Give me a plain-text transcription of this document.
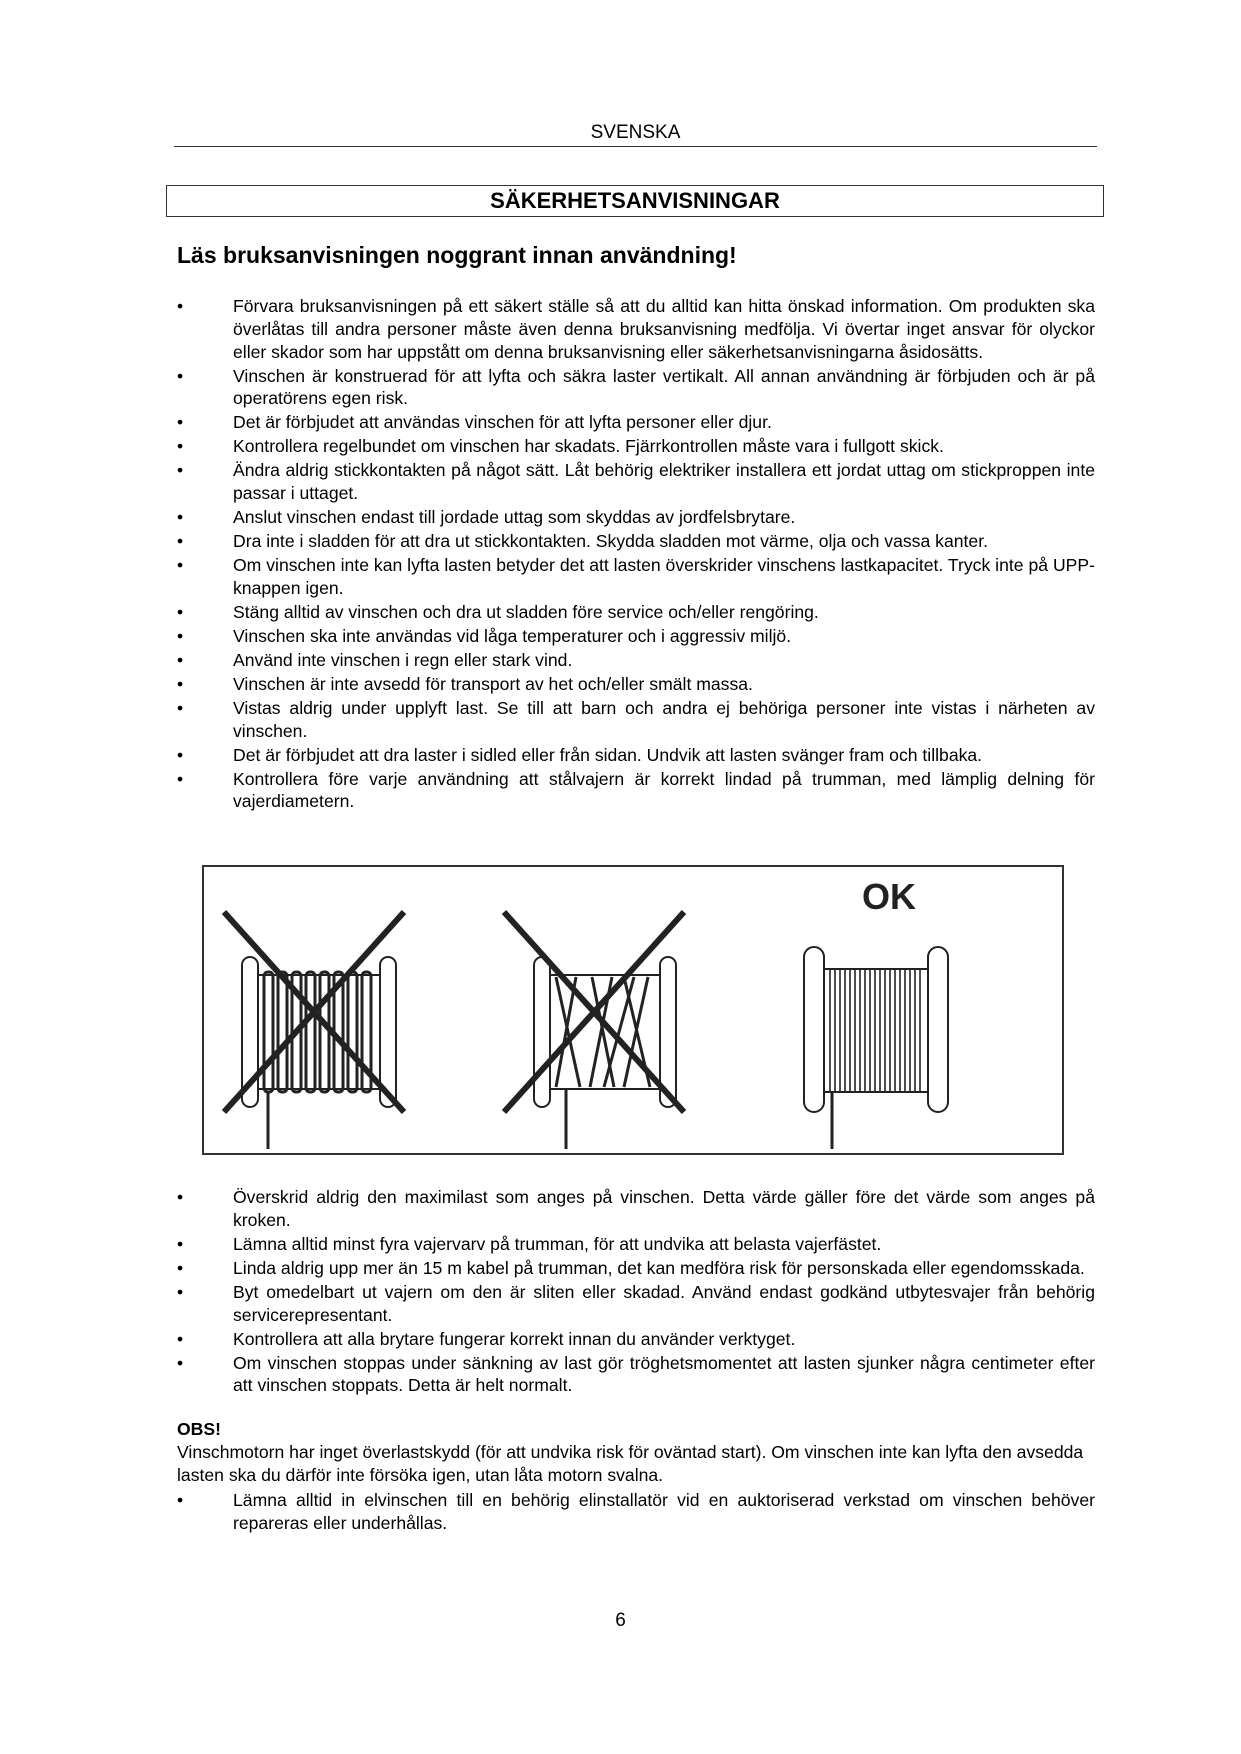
SVENSKA
SÄKERHETSANVISNINGAR
Läs bruksanvisningen noggrant innan användning!
•	Förvara bruksanvisningen på ett säkert ställe så att du alltid kan hitta önskad information. Om produkten ska överlåtas till andra personer måste även denna bruksanvisning medfölja. Vi övertar inget ansvar för olyckor eller skador som har uppstått om denna bruksanvisning eller säkerhetsanvisningarna åsidosätts.
•	Vinschen är konstruerad för att lyfta och säkra laster vertikalt. All annan användning är förbjuden och är på operatörens egen risk.
•	Det är förbjudet att användas vinschen för att lyfta personer eller djur.
•	Kontrollera regelbundet om vinschen har skadats. Fjärrkontrollen måste vara i fullgott skick.
•	Ändra aldrig stickkontakten på något sätt. Låt behörig elektriker installera ett jordat uttag om stickproppen inte passar i uttaget.
•	Anslut vinschen endast till jordade uttag som skyddas av jordfelsbrytare.
•	Dra inte i sladden för att dra ut stickkontakten. Skydda sladden mot värme, olja och vassa kanter.
•	Om vinschen inte kan lyfta lasten betyder det att lasten överskrider vinschens lastkapacitet. Tryck inte på UPP-knappen igen.
•	Stäng alltid av vinschen och dra ut sladden före service och/eller rengöring.
•	Vinschen ska inte användas vid låga temperaturer och i aggressiv miljö.
•	Använd inte vinschen i regn eller stark vind.
•	Vinschen är inte avsedd för transport av het och/eller smält massa.
•	Vistas aldrig under upplyft last. Se till att barn och andra ej behöriga personer inte vistas i närheten av vinschen.
•	Det är förbjudet att dra laster i sidled eller från sidan. Undvik att lasten svänger fram och tillbaka.
•	Kontrollera före varje användning att stålvajern är korrekt lindad på trumman, med lämplig delning för vajerdiametern.
OK
•	Överskrid aldrig den maximilast som anges på vinschen. Detta värde gäller före det värde som anges på kroken.
•	Lämna alltid minst fyra vajervarv på trumman, för att undvika att belasta vajerfästet.
•	Linda aldrig upp mer än 15 m kabel på trumman, det kan medföra risk för personskada eller egendomsskada.
•	Byt omedelbart ut vajern om den är sliten eller skadad. Använd endast godkänd utbytesvajer från behörig servicerepresentant.
•	Kontrollera att alla brytare fungerar korrekt innan du använder verktyget.
•	Om vinschen stoppas under sänkning av last gör tröghetsmomentet att lasten sjunker några centimeter efter att vinschen stoppats. Detta är helt normalt.
OBS!
Vinschmotorn har inget överlastskydd (för att undvika risk för oväntad start). Om vinschen inte kan lyfta den avsedda lasten ska du därför inte försöka igen, utan låta motorn svalna.
•	Lämna alltid in elvinschen till en behörig elinstallatör vid en auktoriserad verkstad om vinschen behöver repareras eller underhållas.
6
